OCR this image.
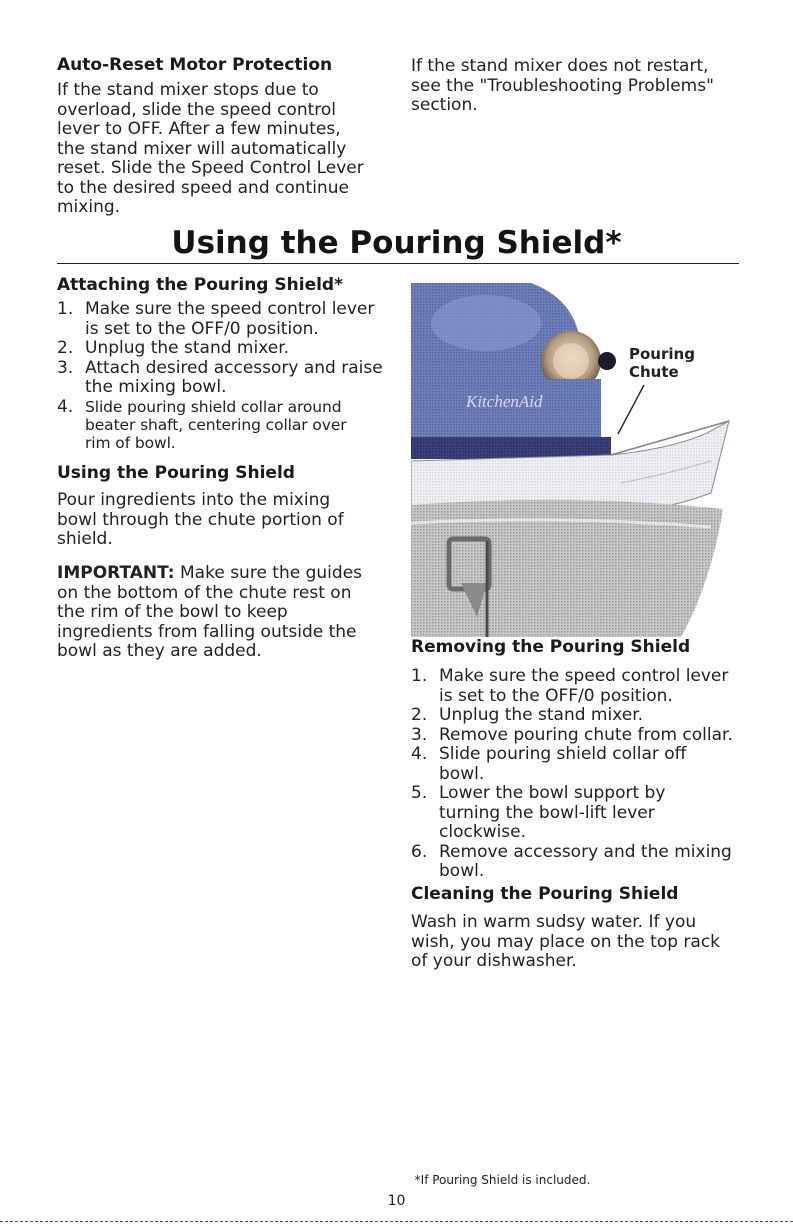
Auto-Reset Motor Protection
If the stand mixer stops due to
overload, slide the speed control
lever to OFF. After a few minutes,
the stand mixer will automatically
reset. Slide the Speed Control Lever
to the desired speed and continue
mixing.
If the stand mixer does not restart,
see the "Troubleshooting Problems"
section.
Using the Pouring Shield*
Attaching the Pouring Shield*
1. Make sure the speed control lever
is set to the OFF/0 position.
2. Unplug the stand mixer.
3. Attach desired accessory and raise
the mixing bowl.
4. Slide pouring shield collar around
beater shaft, centering collar over
rim of bowl.
Using the Pouring Shield
Pour ingredients into the mixing
bowl through the chute portion of
shield.
IMPORTANT: Make sure the guides
on the bottom of the chute rest on
the rim of the bowl to keep
ingredients from falling outside the
bowl as they are added.
KitchenAid
Pouring
Chute
Removing the Pouring Shield
1. Make sure the speed control lever
is set to the OFF/0 position.
2. Unplug the stand mixer.
3. Remove pouring chute from collar.
4. Slide pouring shield collar off
bowl.
5. Lower the bowl support by
turning the bowl-lift lever
clockwise.
6. Remove accessory and the mixing
bowl.
Cleaning the Pouring Shield
Wash in warm sudsy water. If you
wish, you may place on the top rack
of your dishwasher.
*If Pouring Shield is included.
10
